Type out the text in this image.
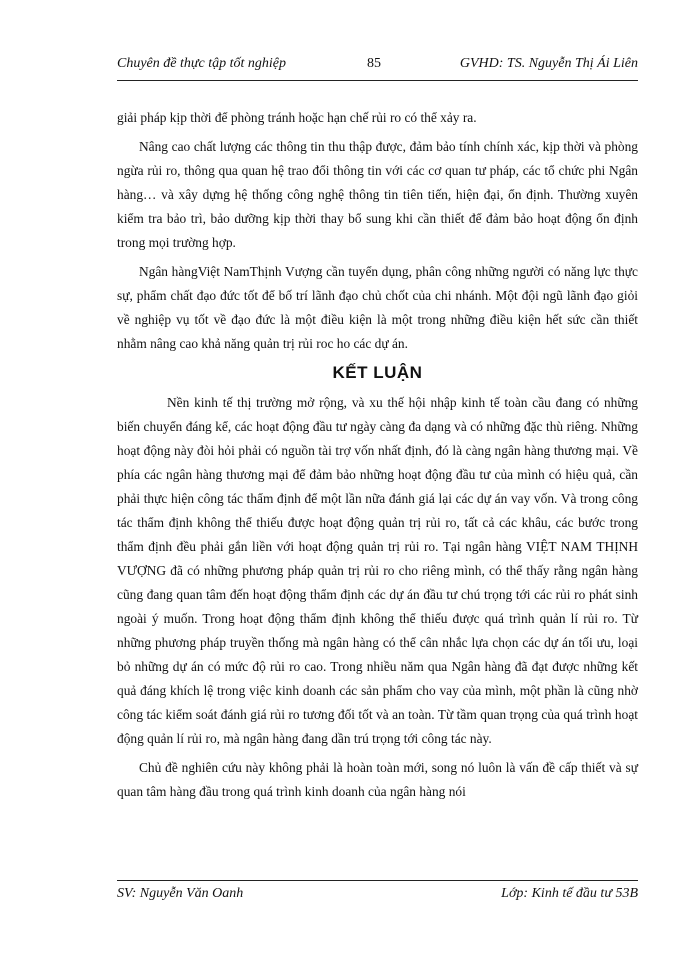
Chuyên đề thực tập tốt nghiệp	85	GVHD: TS. Nguyễn Thị Ái Liên

giải pháp kịp thời để phòng tránh hoặc hạn chế rủi ro có thể xảy ra.

Nâng cao chất lượng các thông tin thu thập được, đảm bảo tính chính xác, kịp thời và phòng ngừa rủi ro, thông qua quan hệ trao đổi thông tin với các cơ quan tư pháp, các tổ chức phi Ngân hàng… và xây dựng hệ thống công nghệ thông tin tiên tiến, hiện đại, ổn định. Thường xuyên kiểm tra bảo trì, bảo dưỡng kịp thời thay bổ sung khi cần thiết để đảm bảo hoạt động ổn định trong mọi trường hợp.

Ngân hàngViệt NamThịnh Vượng cần tuyển dụng, phân công những người có năng lực thực sự, phẩm chất đạo đức tốt để bố trí lãnh đạo chủ chốt của chi nhánh. Một đội ngũ lãnh đạo giỏi về nghiệp vụ tốt về đạo đức là một điều kiện là một trong những điều kiện hết sức cần thiết nhằm nâng cao khả năng quản trị rủi roc ho các dự án.

KẾT LUẬN

Nền kinh tế thị trường mở rộng, và xu thế hội nhập kinh tế toàn cầu đang có những biến chuyển đáng kể, các hoạt động đầu tư ngày càng đa dạng và có những đặc thù riêng. Những hoạt động này đòi hỏi phải có nguồn tài trợ vốn nhất định, đó là càng ngân hàng thương mại. Về phía các ngân hàng thương mại để đảm bảo những hoạt động đầu tư của mình có hiệu quả, cần phải thực hiện công tác thẩm định để một lần nữa đánh giá lại các dự án vay vốn. Và trong công tác thẩm định không thể thiếu được hoạt động quản trị rủi ro, tất cả các khâu, các bước trong thẩm định đều phải gắn liền với hoạt động quản trị rủi ro. Tại ngân hàng VIỆT NAM THỊNH VƯỢNG đã có những phương pháp quản trị rủi ro cho riêng mình, có thể thấy rằng ngân hàng cũng đang quan tâm đến hoạt động thẩm định các dự án đầu tư chú trọng tới các rủi ro phát sinh ngoài ý muốn. Trong hoạt động thẩm định không thể thiếu được quá trình quản lí rủi ro. Từ những phương pháp truyền thống mà ngân hàng có thể cân nhắc lựa chọn các dự án tối ưu, loại bỏ những dự án có mức độ rủi ro cao. Trong nhiều năm qua Ngân hàng đã đạt được những kết quả đáng khích lệ trong việc kinh doanh các sản phẩm cho vay của mình, một phần là cũng nhờ công tác kiểm soát đánh giá rủi ro tương đối tốt và an toàn. Từ tầm quan trọng của quá trình hoạt động quản lí rủi ro, mà ngân hàng đang dần trú trọng tới công tác này.

Chủ đề nghiên cứu này không phải là hoàn toàn mới, song nó luôn là vấn đề cấp thiết và sự quan tâm hàng đầu trong quá trình kinh doanh của ngân hàng nói

SV: Nguyễn Văn Oanh	Lớp: Kinh tế đầu tư 53B
